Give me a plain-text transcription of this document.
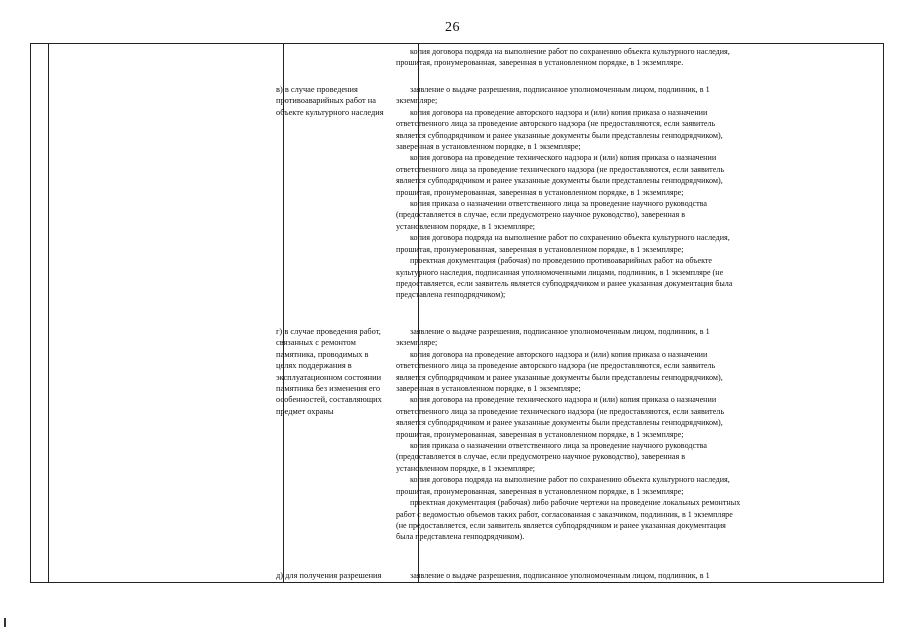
26

копия договора подряда на выполнение работ по сохранению объекта культурного наследия,

прошитая, пронумерованная, заверенная в установленном порядке, в 1 экземпляре.

в) в случае проведения
противоаварийных работ на
объекте культурного наследия

заявление о выдаче разрешения, подписанное уполномоченным лицом, подлинник, в 1

экземпляре;

копия договора на проведение авторского надзора и (или) копия приказа о назначении

ответственного лица за проведение авторского надзора (не предоставляются, если заявитель

является субподрядчиком и ранее указанные документы были представлены генподрядчиком),

заверенная в установленном порядке, в 1 экземпляре;

копия договора на проведение технического надзора и (или) копия приказа о назначении

ответственного лица за проведение технического надзора (не предоставляются, если заявитель

является субподрядчиком и ранее указанные документы были представлены генподрядчиком),

прошитая, пронумерованная, заверенная в установленном порядке, в 1 экземпляре;

копия приказа о назначении ответственного лица за проведение научного руководства

(предоставляется в случае, если предусмотрено научное руководство), заверенная в

установленном порядке, в 1 экземпляре;

копия договора подряда на выполнение работ по сохранению объекта культурного наследия,

прошитая, пронумерованная, заверенная в установленном порядке, в 1 экземпляре;

проектная документация (рабочая) по проведению противоаварийных работ на объекте

культурного наследия, подписанная уполномоченными лицами, подлинник, в 1 экземпляре (не

предоставляется, если заявитель является субподрядчиком и ранее указанная документация была

представлена генподрядчиком);

г) в случае проведения работ,
связанных с ремонтом
памятника, проводимых в
целях поддержания в
эксплуатационном состоянии
памятника без изменения его
особенностей, составляющих
предмет охраны

заявление о выдаче разрешения, подписанное уполномоченным лицом, подлинник, в 1

экземпляре;

копия договора на проведение авторского надзора и (или) копия приказа о назначении

ответственного лица за проведение авторского надзора (не предоставляются, если заявитель

является субподрядчиком и ранее указанные документы были представлены генподрядчиком),

заверенная в установленном порядке, в 1 экземпляре;

копия договора на проведение технического надзора и (или) копия приказа о назначении

ответственного лица за проведение технического надзора (не предоставляются, если заявитель

является субподрядчиком и ранее указанные документы были представлены генподрядчиком),

прошитая, пронумерованная, заверенная в установленном порядке, в 1 экземпляре;

копия приказа о назначении ответственного лица за проведение научного руководства

(предоставляется в случае, если предусмотрено научное руководство), заверенная в

установленном порядке, в 1 экземпляре;

копия договора подряда на выполнение работ по сохранению объекта культурного наследия,

прошитая, пронумерованная, заверенная в установленном порядке, в 1 экземпляре;

проектная документация (рабочая) либо рабочие чертежи на проведение локальных ремонтных

работ с ведомостью объемов таких работ, согласованная с заказчиком, подлинник, в 1 экземпляре

(не предоставляется, если заявитель является субподрядчиком и ранее указанная документация

была представлена генподрядчиком).

д) для получения разрешения	заявление о выдаче разрешения, подписанное уполномоченным лицом, подлинник, в 1
